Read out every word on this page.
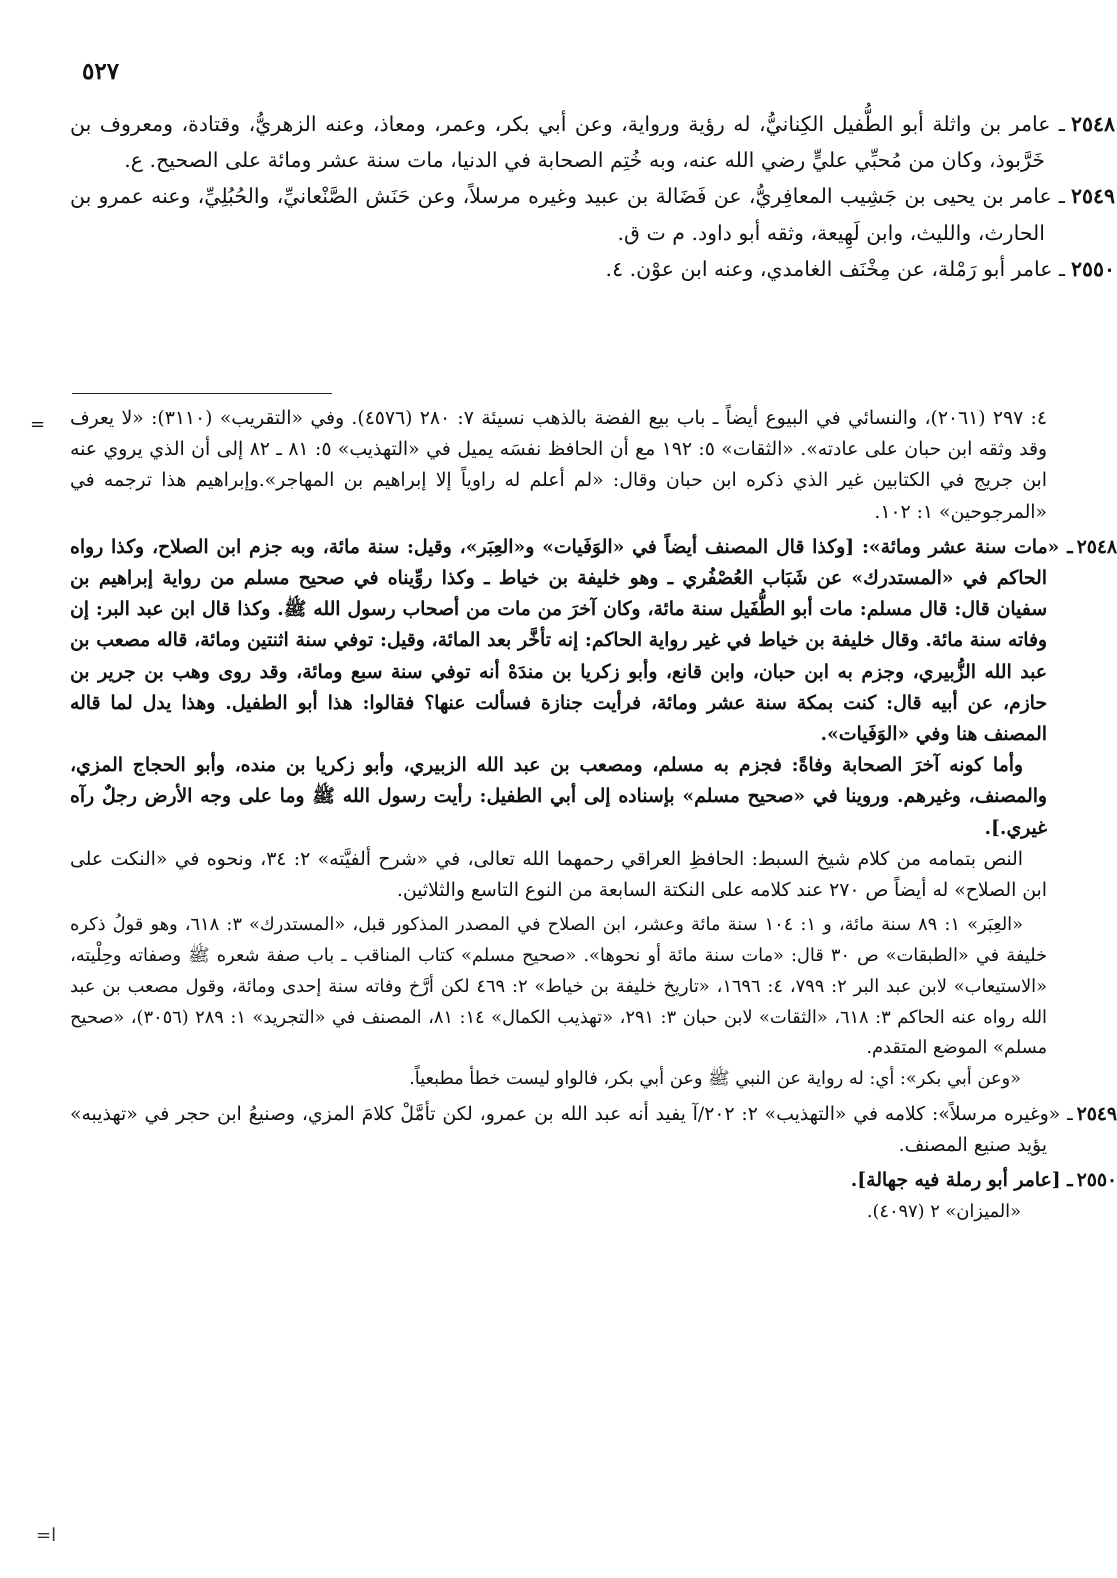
٥٢٧

٢٥٤٨ـ عامر بن واثلة أبو الطُّفيل الكِنانيُّ، له رؤية ورواية، وعن أبي بكر، وعمر، ومعاذ، وعنه الزهريُّ، وقتادة، ومعروف بن خَرَّبوذ، وكان من مُحبِّي عليٍّ رضي الله عنه، وبه خُتِم الصحابة في الدنيا، مات سنة عشر ومائة على الصحيح. ع.

٢٥٤٩ـ عامر بن يحيى بن جَشِيب المعافِريُّ، عن فَضَالة بن عبيد وغيره مرسلاً، وعن حَنَش الصَّنْعانيِّ، والحُبُلِيِّ، وعنه عمرو بن الحارث، والليث، وابن لَهِيعة، وثقه أبو داود. م ت ق.

٢٥٥٠ـ عامر أبو رَمْلة، عن مِخْنَف الغامدي، وعنه ابن عوْن. ٤.

= ٤: ٢٩٧ (٢٠٦١)، والنسائي في البيوع أيضاً ـ باب بيع الفضة بالذهب نسيئة ٧: ٢٨٠ (٤٥٧٦). وفي «التقريب» (٣١١٠): «لا يعرف وقد وثقه ابن حبان على عادته». «الثقات» ٥: ١٩٢ مع أن الحافظ نفسَه يميل في «التهذيب» ٥: ٨١ ـ ٨٢ إلى أن الذي يروي عنه ابن جريج في الكتابين غير الذي ذكره ابن حبان وقال: «لم أعلم له راوياً إلا إبراهيم بن المهاجر».وإبراهيم هذا ترجمه في «المرجوحين» ١: ١٠٢.

٢٥٤٨ـ «مات سنة عشر ومائة»: [وكذا قال المصنف أيضاً في «الوَفَيات» و«العِبَر»، وقيل: سنة مائة، وبه جزم ابن الصلاح، وكذا رواه الحاكم في «المستدرك» عن شَبَاب العُصْفُري ـ وهو خليفة بن خياط ـ وكذا روِّيناه في صحيح مسلم من رواية إبراهيم بن سفيان قال: قال مسلم: مات أبو الطُّفَيل سنة مائة، وكان آخرَ من مات من أصحاب رسول الله ﷺ. وكذا قال ابن عبد البر: إن وفاته سنة مائة. وقال خليفة بن خياط في غير رواية الحاكم: إنه تأخَّر بعد المائة، وقيل: توفي سنة اثنتين ومائة، قاله مصعب بن عبد الله الزُّبيري، وجزم به ابن حبان، وابن قانع، وأبو زكريا بن مندَهْ أنه توفي سنة سبع ومائة، وقد روى وهب بن جرير بن حازم، عن أبيه قال: كنت بمكة سنة عشر ومائة، فرأيت جنازة فسألت عنها؟ فقالوا: هذا أبو الطفيل. وهذا يدل لما قاله المصنف هنا وفي «الوَفَيات».

وأما كونه آخرَ الصحابة وفاةً: فجزم به مسلم، ومصعب بن عبد الله الزبيري، وأبو زكريا بن منده، وأبو الحجاج المزي، والمصنف، وغيرهم. وروينا في «صحيح مسلم» بإسناده إلى أبي الطفيل: رأيت رسول الله ﷺ وما على وجه الأرض رجلٌ رآه غيري.].

النص بتمامه من كلام شيخ السبط: الحافظِ العراقي رحمهما الله تعالى، في «شرح ألفيَّته» ٢: ٣٤، ونحوه في «النكت على ابن الصلاح» له أيضاً ص ٢٧٠ عند كلامه على النكتة السابعة من النوع التاسع والثلاثين.

«العِبَر» ١: ٨٩ سنة مائة، و ١: ١٠٤ سنة مائة وعشر، ابن الصلاح في المصدر المذكور قبل، «المستدرك» ٣: ٦١٨، وهو قولُ ذكره خليفة في «الطبقات» ص ٣٠ قال: «مات سنة مائة أو نحوها». «صحيح مسلم» كتاب المناقب ـ باب صفة شعره ﷺ وصفاته وحِلْيته، «الاستيعاب» لابن عبد البر ٢: ٧٩٩، ٤: ١٦٩٦، «تاريخ خليفة بن خياط» ٢: ٤٦٩ لكن أرَّخ وفاته سنة إحدى ومائة، وقول مصعب بن عبد الله رواه عنه الحاكم ٣: ٦١٨، «الثقات» لابن حبان ٣: ٢٩١، «تهذيب الكمال» ١٤: ٨١، المصنف في «التجريد» ١: ٢٨٩ (٣٠٥٦)، «صحيح مسلم» الموضع المتقدم.

«وعن أبي بكر»: أي: له رواية عن النبي ﷺ وعن أبي بكر، فالواو ليست خطأ مطبعياً.

٢٥٤٩ـ «وغيره مرسلاً»: كلامه في «التهذيب» ٢: ٢٠٢/آ يفيد أنه عبد الله بن عمرو، لكن تأمَّلْ كلامَ المزي، وصنيعُ ابن حجر في «تهذيبه» يؤيد صنيع المصنف.

٢٥٥٠ـ [عامر أبو رملة فيه جهالة].

«الميزان» ٢ (٤٠٩٧).

ا=
